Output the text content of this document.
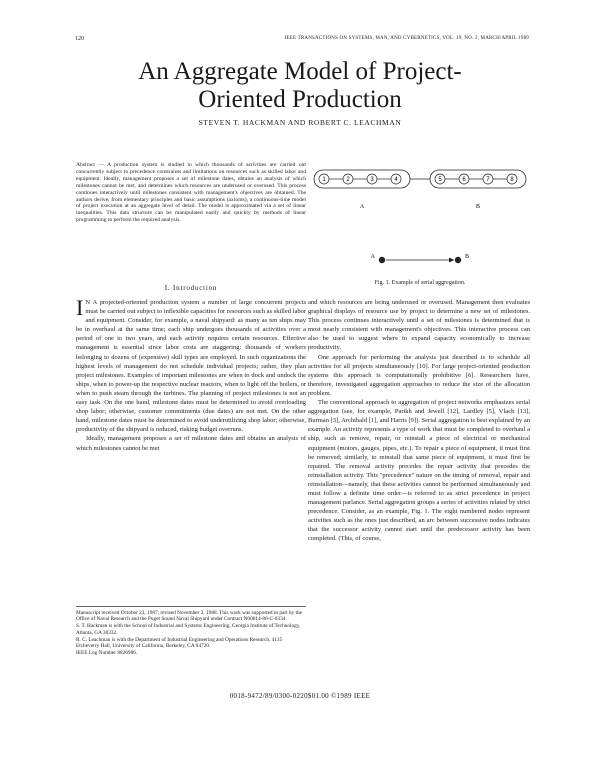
120	IEEE TRANSACTIONS ON SYSTEMS, MAN, AND CYBERNETICS, VOL. 19, NO. 2, MARCH/APRIL 1989
An Aggregate Model of Project-
Oriented Production
STEVEN T. HACKMAN AND ROBERT C. LEACHMAN
Abstract — A production system is studied in which thousands of activities are carried out concurrently subject to precedence constraints and limitations on resources such as skilled labor and equipment. Ideally, management proposes a set of milestone dates, obtains an analysis of which milestones cannot be met, and determines which resources are underused or overused. This process continues interactively until milestones consistent with management's objectives are obtained. The authors derive, from elementary principles and basic assumptions (axioms), a continuous-time model of project execution at an aggregate level of detail. The model is approximated via a set of linear inequalities. This data structure can be manipulated easily and quickly by methods of linear programming to perform the required analysis.
1	2	3	4	5	6	7	8
A	B
A	B
Fig. 1. Example of serial aggregation.
I. Introduction

I N A projected-oriented production system a number of large concurrent projects must be carried out subject to inflexible capacities for resources such as skilled labor and equipment. Consider, for example, a naval shipyard: as many as ten ships may be in overhaul at the same time; each ship undergoes thousands of activities over a period of one to two years, and each activity requires certain resources. Effective management is essential since labor costs are staggering: thousands of workers belonging to dozens of (expensive) skill types are employed. In such organizations the highest levels of management do not schedule individual projects; rather, they plan project milestones. Examples of important milestones are when to dock and undock the ships, when to power-up the respective nuclear reactors, when to light off the boilers, or when to push steam through the turbines. The planning of project milestones is not an easy task. On the one hand, milestone dates must be determined to avoid overloading shop labor; otherwise, customer commitments (due dates) are not met. On the other hand, milestone dates must be determined to avoid underutilizing shop labor; otherwise, productivity of the shipyard is reduced, risking budget overruns.

Ideally, management proposes a set of milestone dates and obtains an analysis of which milestones cannot be met

and which resources are being underused or overused. Management then evaluates graphical displays of resource use by project to determine a new set of milestones. This process continues interactively until a set of milestones is determined that is most nearly consistent with management's objectives. This interactive process can also be used to suggest where to expand capacity economically to increase productivity.

One approach for performing the analysis just described is to schedule all activities for all projects simultaneously [10]. For large project-oriented production systems this approach is computationally prohibitive [6]. Researchers have, therefore, investigated aggregation approaches to reduce the size of the allocation problem.

The conventional approach to aggregation of project networks emphasizes serial aggregation (see, for example, Parikh and Jewell [12], Lardley [5], Vlach [13], Burman [3], Archibald [1], and Harris [9]). Serial aggregation is best explained by an example. An activity represents a type of work that must be completed to overhaul a ship, such as remove, repair, or reinstall a piece of electrical or mechanical equipment (motors, gauges, pipes, etc.). To repair a piece of equipment, it must first be removed; similarly, to reinstall that same piece of equipment, it must first be repaired. The removal activity precedes the repair activity that precedes the reinstallation activity. This "precedence" nature on the timing of removal, repair and reinstallation—namely, that these activities cannot be performed simultaneously and must follow a definite time order—is referred to as strict precedence in project management parlance. Serial aggregation groups a series of activities related by strict precedence. Consider, as an example, Fig. 1. The eight numbered nodes represent activities such as the ones just described, an arc between successive nodes indicates that the successor activity cannot start until the predecessor activity has been completed. (This, of course,

Manuscript received October 23, 1987; revised November 2, 1988. This work was supported in part by the Office of Naval Research and the Puget Sound Naval Shipyard under Contract N00014-86-C-0334.
S. T. Hackman is with the School of Industrial and Systems Engineering, Georgia Institute of Technology, Atlanta, GA 30332.
R. C. Leachman is with the Department of Industrial Engineering and Operations Research, 4135 Etcheverry Hall, University of California, Berkeley, CA 94720.
IEEE Log Number 8826986.
0018-9472/89/0300-0220$01.00 ©1989 IEEE
